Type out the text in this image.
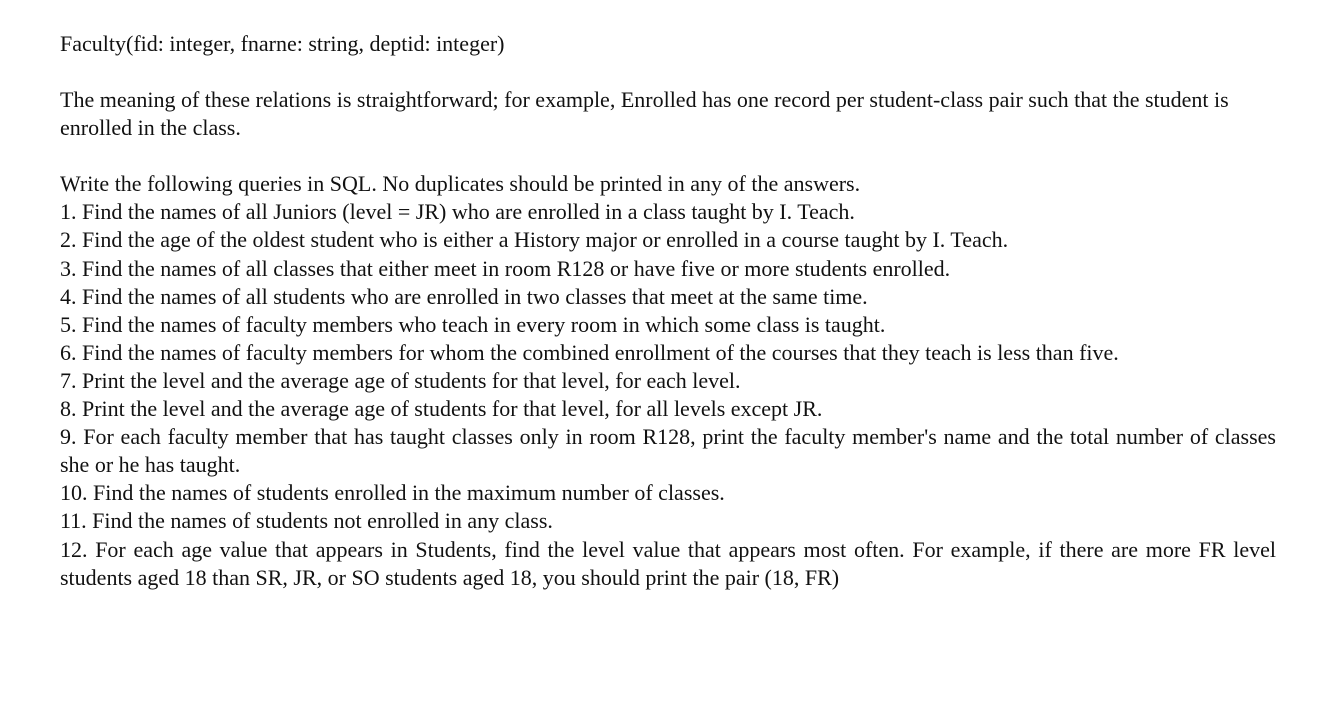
Faculty(fid: integer, fnarne: string, deptid: integer)

The meaning of these relations is straightforward; for example, Enrolled has one record per student-class pair such that the student is enrolled in the class.

Write the following queries in SQL. No duplicates should be printed in any of the answers.

1. Find the names of all Juniors (level = JR) who are enrolled in a class taught by I. Teach.
2. Find the age of the oldest student who is either a History major or enrolled in a course taught by I. Teach.
3. Find the names of all classes that either meet in room R128 or have five or more students enrolled.
4. Find the names of all students who are enrolled in two classes that meet at the same time.
5. Find the names of faculty members who teach in every room in which some class is taught.
6. Find the names of faculty members for whom the combined enrollment of the courses that they teach is less than five.
7. Print the level and the average age of students for that level, for each level.
8. Print the level and the average age of students for that level, for all levels except JR.
9. For each faculty member that has taught classes only in room R128, print the faculty member's name and the total number of classes she or he has taught.
10. Find the names of students enrolled in the maximum number of classes.
11. Find the names of students not enrolled in any class.
12. For each age value that appears in Students, find the level value that appears most often. For example, if there are more FR level students aged 18 than SR, JR, or SO students aged 18, you should print the pair (18, FR)
